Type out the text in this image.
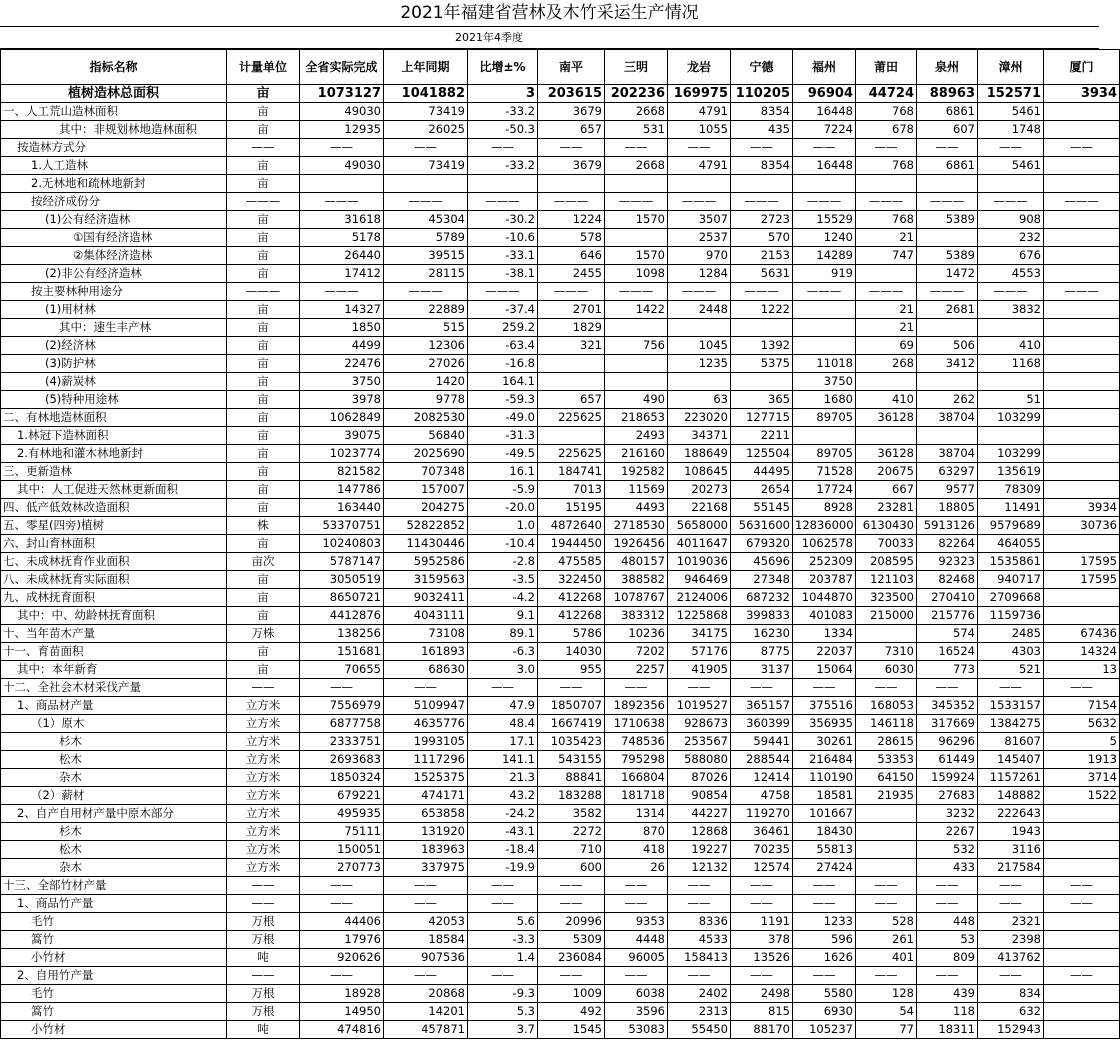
2021年福建省营林及木竹采运生产情况
2021年4季度
指标名称	计量单位	全省实际完成	上年同期	比增±%	南平	三明	龙岩	宁德	福州	莆田	泉州	漳州	厦门
植树造林总面积	亩	1073127	1041882	3	203615	202236	169975	110205	96904	44724	88963	152571	3934
一、人工荒山造林面积	亩	49030	73419	-33.2	3679	2668	4791	8354	16448	768	6861	5461	
其中：非规划林地造林面积	亩	12935	26025	-50.3	657	531	1055	435	7224	678	607	1748	
按造林方式分	——	——	——	——	——	——	——	——	——	——	——	——	——
1.人工造林	亩	49030	73419	-33.2	3679	2668	4791	8354	16448	768	6861	5461	
2.无林地和疏林地新封	亩												
按经济成份分	———	———	———	———	———	———	———	———	———	———	———	———	———
(1)公有经济造林	亩	31618	45304	-30.2	1224	1570	3507	2723	15529	768	5389	908	
①国有经济造林	亩	5178	5789	-10.6	578		2537	570	1240	21		232	
②集体经济造林	亩	26440	39515	-33.1	646	1570	970	2153	14289	747	5389	676	
(2)非公有经济造林	亩	17412	28115	-38.1	2455	1098	1284	5631	919		1472	4553	
按主要林种用途分	———	———	———	———	———	———	———	———	———	———	———	———	———
(1)用材林	亩	14327	22889	-37.4	2701	1422	2448	1222		21	2681	3832	
其中：速生丰产林	亩	1850	515	259.2	1829					21			
(2)经济林	亩	4499	12306	-63.4	321	756	1045	1392		69	506	410	
(3)防护林	亩	22476	27026	-16.8			1235	5375	11018	268	3412	1168	
(4)薪炭林	亩	3750	1420	164.1					3750				
(5)特种用途林	亩	3978	9778	-59.3	657	490	63	365	1680	410	262	51	
二、有林地造林面积	亩	1062849	2082530	-49.0	225625	218653	223020	127715	89705	36128	38704	103299	
1.林冠下造林面积	亩	39075	56840	-31.3		2493	34371	2211					
2.有林地和灌木林地新封	亩	1023774	2025690	-49.5	225625	216160	188649	125504	89705	36128	38704	103299	
三、更新造林	亩	821582	707348	16.1	184741	192582	108645	44495	71528	20675	63297	135619	
其中：人工促进天然林更新面积	亩	147786	157007	-5.9	7013	11569	20273	2654	17724	667	9577	78309	
四、低产低效林改造面积	亩	163440	204275	-20.0	15195	4493	22168	55145	8928	23281	18805	11491	3934
五、零星(四旁)植树	株	53370751	52822852	1.0	4872640	2718530	5658000	5631600	12836000	6130430	5913126	9579689	30736
六、封山育林面积	亩	10240803	11430446	-10.4	1944450	1926456	4011647	679320	1062578	70033	82264	464055	
七、未成林抚育作业面积	亩次	5787147	5952586	-2.8	475585	480157	1019036	45696	252309	208595	92323	1535861	17595
八、未成林抚育实际面积	亩	3050519	3159563	-3.5	322450	388582	946469	27348	203787	121103	82468	940717	17595
九、成林抚育面积	亩	8650721	9032411	-4.2	412268	1078767	2124006	687232	1044870	323500	270410	2709668	
其中：中、幼龄林抚育面积	亩	4412876	4043111	9.1	412268	383312	1225868	399833	401083	215000	215776	1159736	
十、当年苗木产量	万株	138256	73108	89.1	5786	10236	34175	16230	1334		574	2485	67436
十一、育苗面积	亩	151681	161893	-6.3	14030	7202	57176	8775	22037	7310	16524	4303	14324
其中：本年新育	亩	70655	68630	3.0	955	2257	41905	3137	15064	6030	773	521	13
十二、全社会木材采伐产量	——	——	——	——	——	——	——	——	——	——	——	——	——
1、商品材产量	立方米	7556979	5109947	47.9	1850707	1892356	1019527	365157	375516	168053	345352	1533157	7154
（1）原木	立方米	6877758	4635776	48.4	1667419	1710638	928673	360399	356935	146118	317669	1384275	5632
杉木	立方米	2333751	1993105	17.1	1035423	748536	253567	59441	30261	28615	96296	81607	5
松木	立方米	2693683	1117296	141.1	543155	795298	588080	288544	216484	53353	61449	145407	1913
杂木	立方米	1850324	1525375	21.3	88841	166804	87026	12414	110190	64150	159924	1157261	3714
（2）薪材	立方米	679221	474171	43.2	183288	181718	90854	4758	18581	21935	27683	148882	1522
2、自产自用材产量中原木部分	立方米	495935	653858	-24.2	3582	1314	44227	119270	101667		3232	222643	
杉木	立方米	75111	131920	-43.1	2272	870	12868	36461	18430		2267	1943	
松木	立方米	150051	183963	-18.4	710	418	19227	70235	55813		532	3116	
杂木	立方米	270773	337975	-19.9	600	26	12132	12574	27424		433	217584	
十三、全部竹材产量	——	——	——	——	——	——	——	——	——	——	——	——	——
1、商品竹产量	——	——	——	——	——	——	——	——	——	——	——	——	——
毛竹	万根	44406	42053	5.6	20996	9353	8336	1191	1233	528	448	2321	
篙竹	万根	17976	18584	-3.3	5309	4448	4533	378	596	261	53	2398	
小竹材	吨	920626	907536	1.4	236084	96005	158413	13526	1626	401	809	413762	
2、自用竹产量	——	——	——	——	——	——	——	——	——	——	——	——	——
毛竹	万根	18928	20868	-9.3	1009	6038	2402	2498	5580	128	439	834	
篙竹	万根	14950	14201	5.3	492	3596	2313	815	6930	54	118	632	
小竹材	吨	474816	457871	3.7	1545	53083	55450	88170	105237	77	18311	152943	
